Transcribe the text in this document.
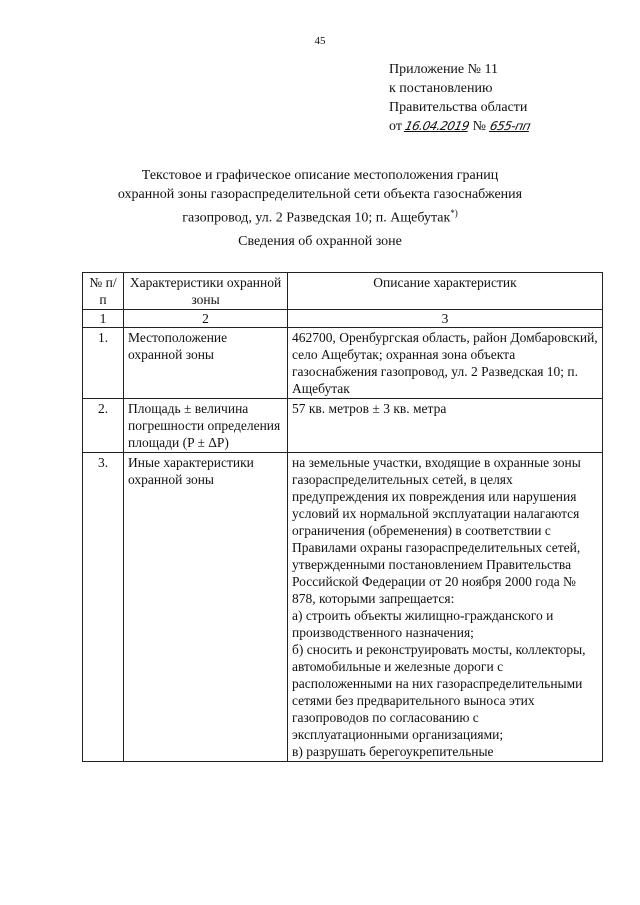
45
Приложение № 11
к постановлению
Правительства области
от 16.04.2019 № 655-пп
Текстовое и графическое описание местоположения границ
охранной зоны газораспределительной сети объекта газоснабжения
газопровод, ул. 2 Разведская 10; п. Ащебутак*)
Сведения об охранной зоне
№ п/п	Характеристики охранной зоны	Описание характеристик
1	2	3
1.	Местоположение охранной зоны	462700, Оренбургская область, район Домбаровский, село Ащебутак; охранная зона объекта газоснабжения газопровод, ул. 2 Разведская 10; п. Ащебутак
2.	Площадь ± величина погрешности определения площади (P ± ΔP)	57 кв. метров ± 3 кв. метра
3.	Иные характеристики охранной зоны	на земельные участки, входящие в охранные зоны газораспределительных сетей, в целях предупреждения их повреждения или нарушения условий их нормальной эксплуатации налагаются ограничения (обременения) в соответствии с Правилами охраны газораспределительных сетей, утвержденными постановлением Правительства Российской Федерации от 20 ноября 2000 года № 878, которыми запрещается:
а) строить объекты жилищно-гражданского и производственного назначения;
б) сносить и реконструировать мосты, коллекторы, автомобильные и железные дороги с расположенными на них газораспределительными сетями без предварительного выноса этих газопроводов по согласованию с эксплуатационными организациями;
в) разрушать берегоукрепительные
